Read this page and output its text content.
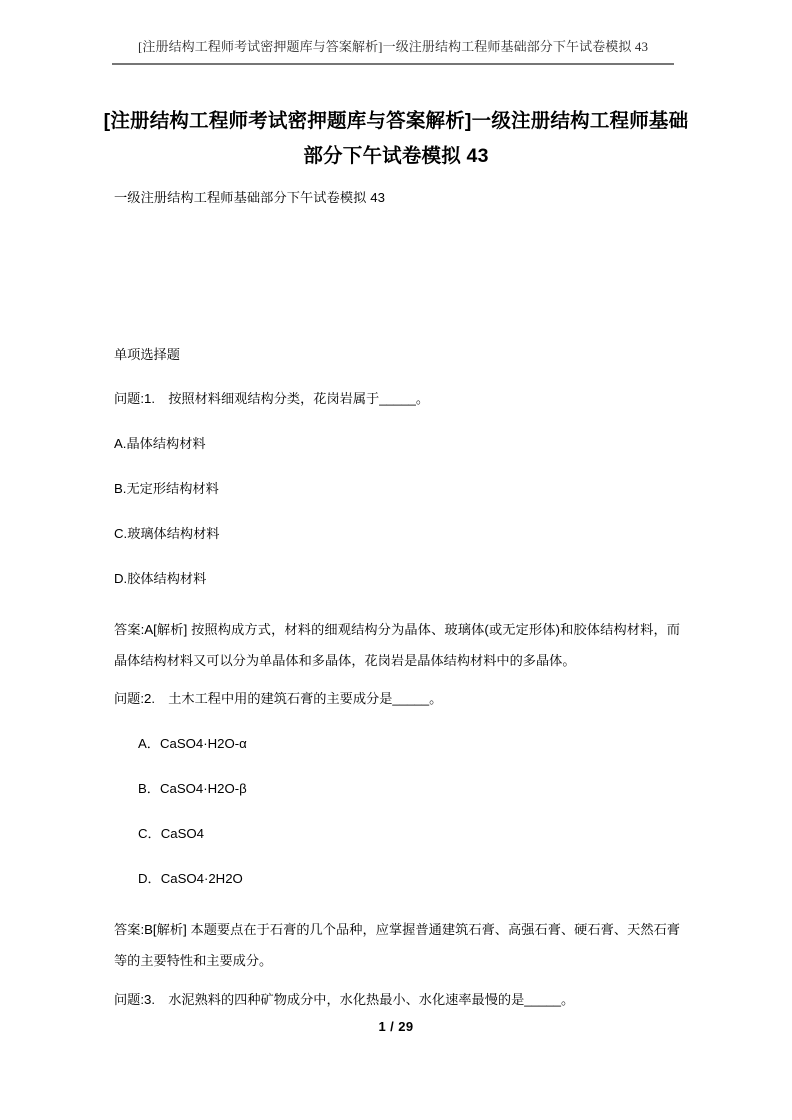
[注册结构工程师考试密押题库与答案解析]一级注册结构工程师基础部分下午试卷模拟 43
[注册结构工程师考试密押题库与答案解析]一级注册结构工程师基础部分下午试卷模拟 43

一级注册结构工程师基础部分下午试卷模拟 43

单项选择题

问题:1.　按照材料细观结构分类，花岗岩属于_____。

A.晶体结构材料

B.无定形结构材料

C.玻璃体结构材料

D.胶体结构材料

答案:A[解析] 按照构成方式，材料的细观结构分为晶体、玻璃体(或无定形体)和胶体结构材料，而晶体结构材料又可以分为单晶体和多晶体，花岗岩是晶体结构材料中的多晶体。

问题:2.　土木工程中用的建筑石膏的主要成分是_____。

A．CaSO4·H2O-α

B．CaSO4·H2O-β

C．CaSO4

D．CaSO4·2H2O

答案:B[解析] 本题要点在于石膏的几个品种，应掌握普通建筑石膏、高强石膏、硬石膏、天然石膏等的主要特性和主要成分。

问题:3.　水泥熟料的四种矿物成分中，水化热最小、水化速率最慢的是_____。

1 / 29
